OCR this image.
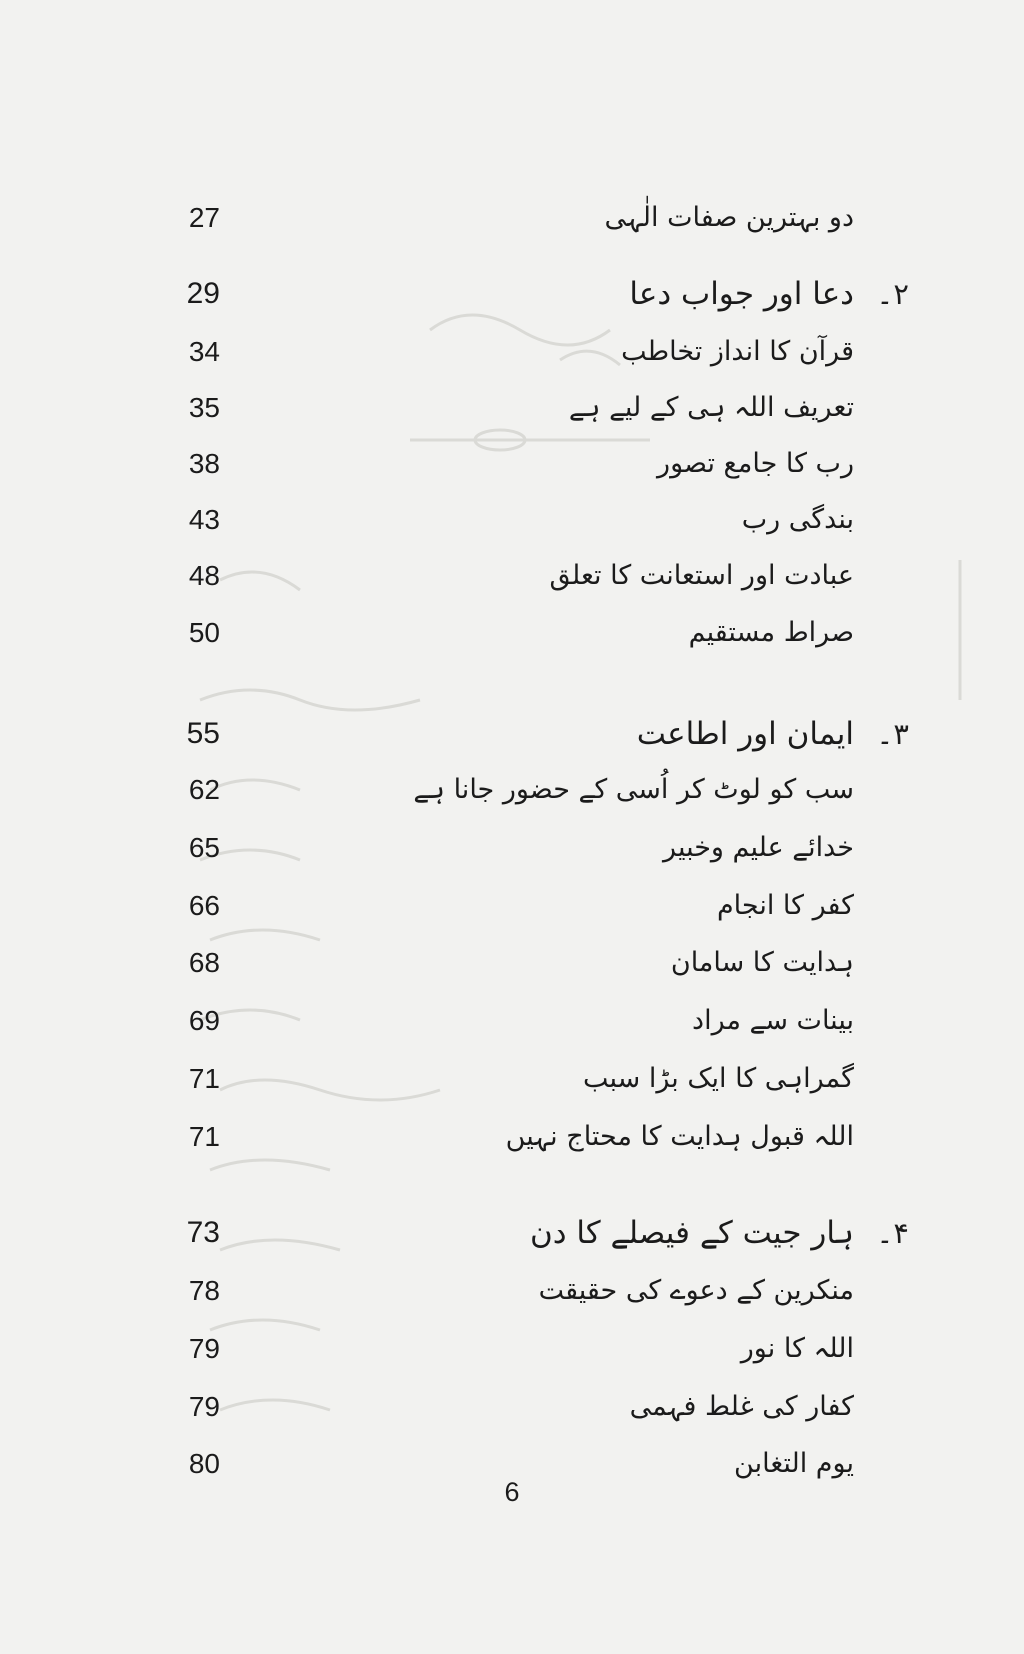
دو بہترین صفات الٰہی
27
۲۔
دعا اور جواب دعا
29
قرآن کا انداز تخاطب
34
تعریف اللہ ہی کے لیے ہے
35
رب کا جامع تصور
38
بندگی رب
43
عبادت اور استعانت کا تعلق
48
صراط مستقیم
50
۳۔
ایمان اور اطاعت
55
سب کو لوٹ کر اُسی کے حضور جانا ہے
62
خدائے علیم وخبیر
65
کفر کا انجام
66
ہدایت کا سامان
68
بینات سے مراد
69
گمراہی کا ایک بڑا سبب
71
اللہ قبول ہدایت کا محتاج نہیں
71
۴۔
ہار جیت کے فیصلے کا دن
73
منکرین کے دعوے کی حقیقت
78
اللہ کا نور
79
کفار کی غلط فہمی
79
یوم التغابن
80
6
